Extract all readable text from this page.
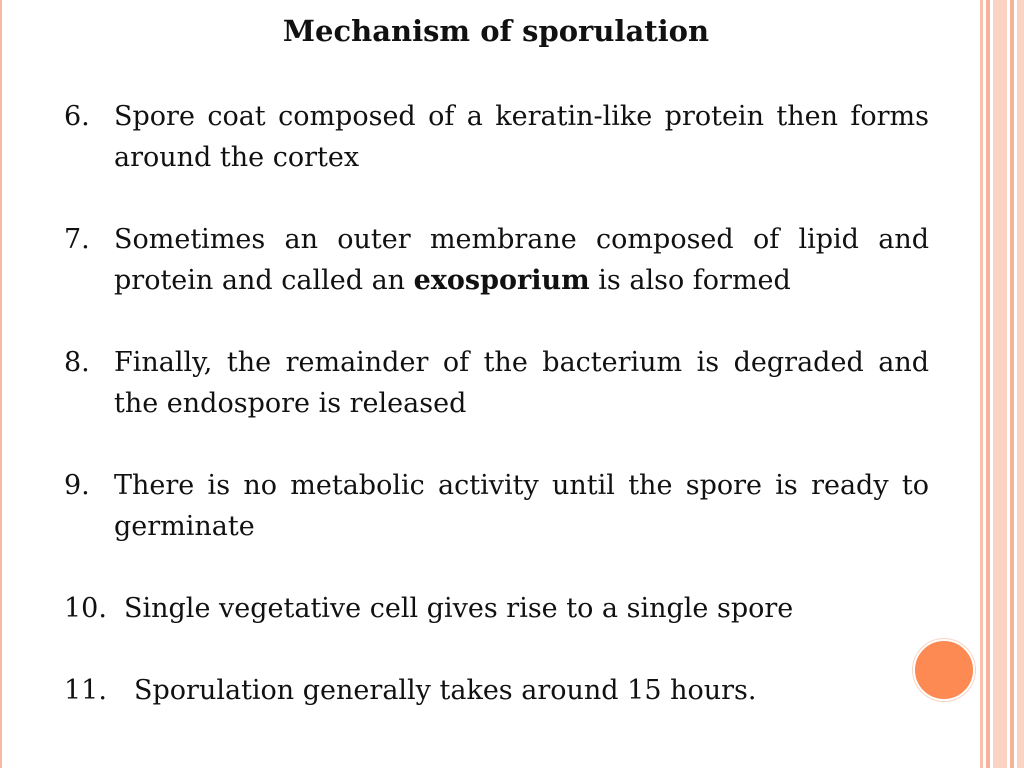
Mechanism of sporulation
6. Spore coat composed of a keratin-like protein then forms around the cortex
7. Sometimes an outer membrane composed of lipid and protein and called an exosporium is also formed
8. Finally, the remainder of the bacterium is degraded and the endospore is released
9. There is no metabolic activity until the spore is ready to germinate
10. Single vegetative cell gives rise to a single spore
11.	Sporulation generally takes around 15 hours.
